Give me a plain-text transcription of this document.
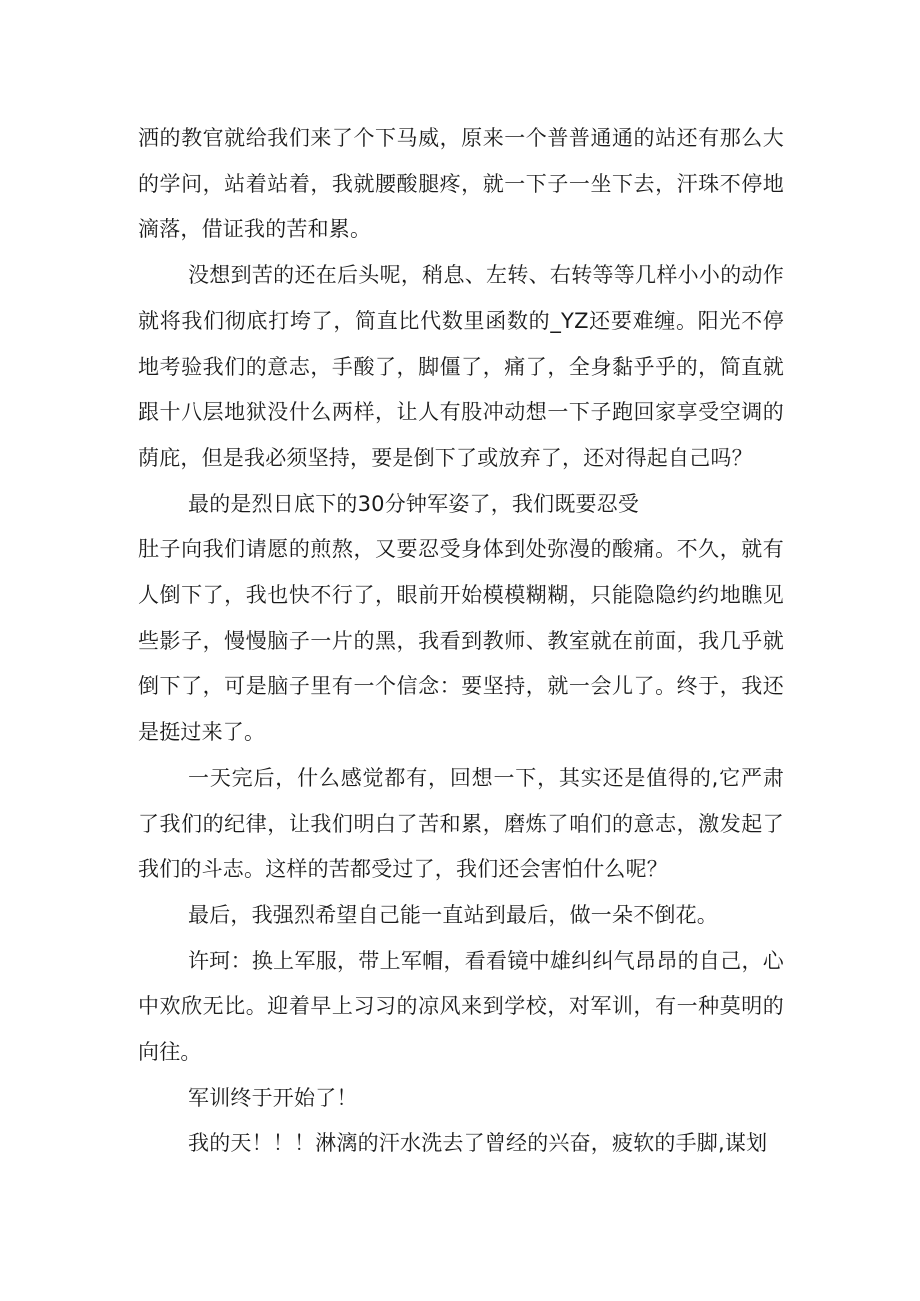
洒的教官就给我们来了个下马威，原来一个普普通通的站还有那么大的学问，站着站着，我就腰酸腿疼，就一下子一坐下去，汗珠不停地滴落，借证我的苦和累。

没想到苦的还在后头呢，稍息、左转、右转等等几样小小的动作就将我们彻底打垮了，简直比代数里函数的_YZ还要难缠。阳光不停地考验我们的意志，手酸了，脚僵了，痛了，全身黏乎乎的，简直就跟十八层地狱没什么两样，让人有股冲动想一下子跑回家享受空调的荫庇，但是我必须坚持，要是倒下了或放弃了，还对得起自己吗？

最的是烈日底下的30分钟军姿了，我们既要忍受

肚子向我们请愿的煎熬，又要忍受身体到处弥漫的酸痛。不久，就有人倒下了，我也快不行了，眼前开始模模糊糊，只能隐隐约约地瞧见些影子，慢慢脑子一片的黑，我看到教师、教室就在前面，我几乎就倒下了，可是脑子里有一个信念：要坚持，就一会儿了。终于，我还是挺过来了。

一天完后，什么感觉都有，回想一下，其实还是值得的,它严肃了我们的纪律，让我们明白了苦和累，磨炼了咱们的意志，激发起了我们的斗志。这样的苦都受过了，我们还会害怕什么呢？

最后，我强烈希望自己能一直站到最后，做一朵不倒花。

许珂：换上军服，带上军帽，看看镜中雄纠纠气昂昂的自己，心中欢欣无比。迎着早上习习的凉风来到学校，对军训，有一种莫明的向往。

军训终于开始了！

我的天！！！淋漓的汗水洗去了曾经的兴奋，疲软的手脚,谋划
